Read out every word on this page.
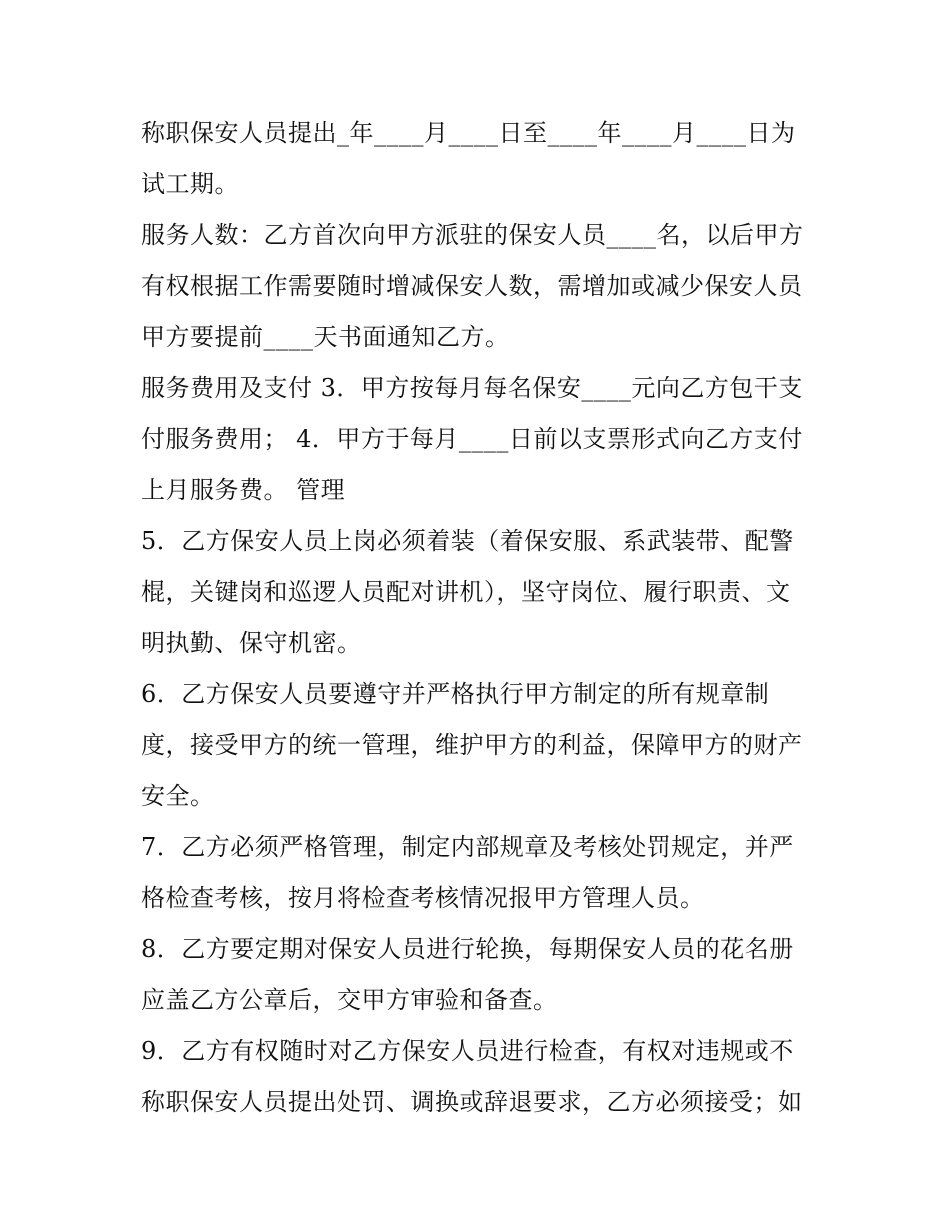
称职保安人员提出_年____月____日至____年____月____日为
试工期。
服务人数：乙方首次向甲方派驻的保安人员____名，以后甲方
有权根据工作需要随时增减保安人数，需增加或减少保安人员
甲方要提前____天书面通知乙方。
服务费用及支付 3．甲方按每月每名保安____元向乙方包干支
付服务费用； 4．甲方于每月____日前以支票形式向乙方支付
上月服务费。 管理
5．乙方保安人员上岗必须着装（着保安服、系武装带、配警
棍，关键岗和巡逻人员配对讲机），坚守岗位、履行职责、文
明执勤、保守机密。
6．乙方保安人员要遵守并严格执行甲方制定的所有规章制
度，接受甲方的统一管理，维护甲方的利益，保障甲方的财产
安全。
7．乙方必须严格管理，制定内部规章及考核处罚规定，并严
格检查考核，按月将检查考核情况报甲方管理人员。
8．乙方要定期对保安人员进行轮换，每期保安人员的花名册
应盖乙方公章后，交甲方审验和备查。
9．乙方有权随时对乙方保安人员进行检查，有权对违规或不
称职保安人员提出处罚、调换或辞退要求，乙方必须接受；如
